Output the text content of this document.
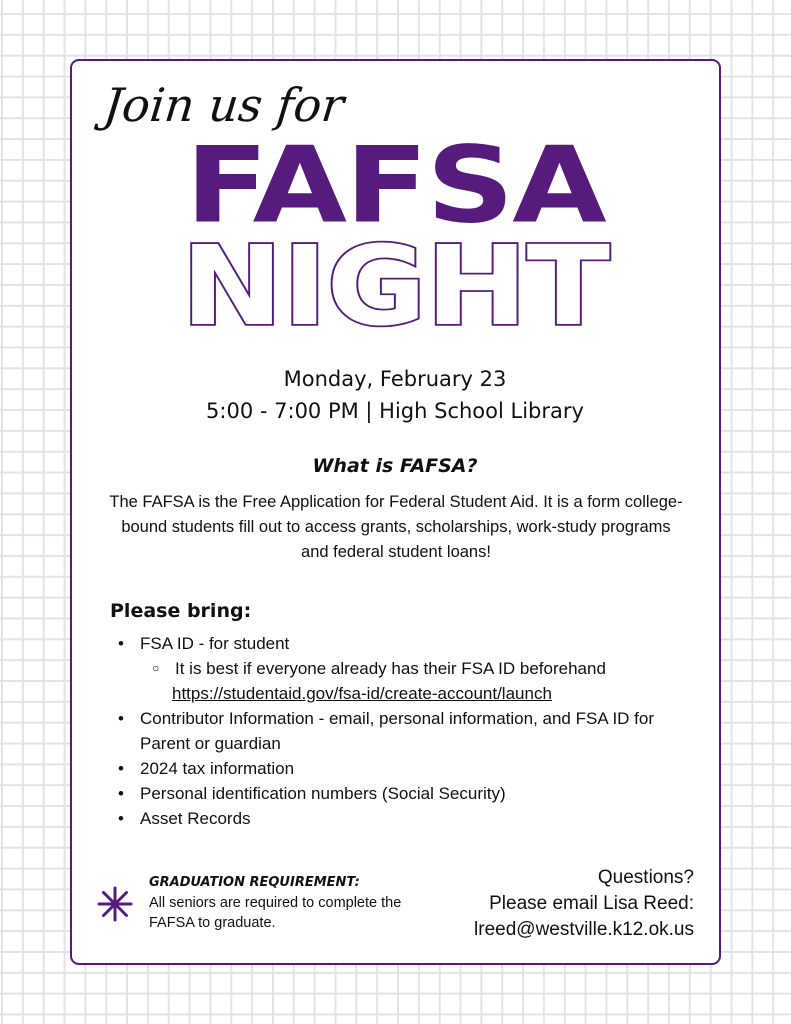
Join us for
FAFSA
NIGHT
Monday, February 23
5:00 - 7:00 PM | High School Library
What is FAFSA?
The FAFSA is the Free Application for Federal Student Aid. It is a form college-bound students fill out to access grants, scholarships, work-study programs and federal student loans!
Please bring:
• FSA ID - for student
○ It is best if everyone already has their FSA ID beforehand
https://studentaid.gov/fsa-id/create-account/launch
• Contributor Information - email, personal information, and FSA ID for Parent or guardian
• 2024 tax information
• Personal identification numbers (Social Security)
• Asset Records
GRADUATION REQUIREMENT:
All seniors are required to complete the FAFSA to graduate.
Questions?
Please email Lisa Reed:
lreed@westville.k12.ok.us
